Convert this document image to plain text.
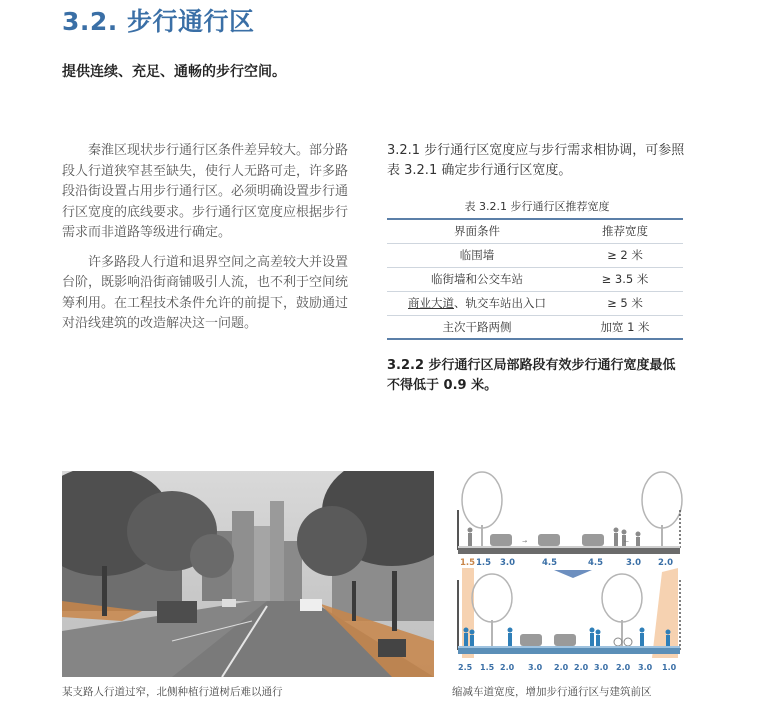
3.2. 步行通行区
提供连续、充足、通畅的步行空间。

秦淮区现状步行通行区条件差异较大。部分路段人行道狭窄甚至缺失，使行人无路可走，许多路段沿街设置占用步行通行区。必须明确设置步行通行区宽度的底线要求。步行通行区宽度应根据步行需求而非道路等级进行确定。

许多路段人行道和退界空间之高差较大并设置台阶，既影响沿街商铺吸引人流，也不利于空间统筹利用。在工程技术条件允许的前提下，鼓励通过对沿线建筑的改造解决这一问题。

3.2.1 步行通行区宽度应与步行需求相协调，可参照表 3.2.1 确定步行通行区宽度。
表 3.2.1 步行通行区推荐宽度
界面条件	推荐宽度
临围墙	≥ 2 米
临街墙和公交车站	≥ 3.5 米
商业大道、轨交车站出入口	≥ 5 米
主次干路两侧	加宽 1 米
3.2.2 步行通行区局部路段有效步行通行宽度最低不得低于 0.9 米。
某支路人行道过窄，北侧种植行道树后难以通行
→	←
1.5 1.5 3.0	4.5	4.5	3.0 2.0
2.5 1.5 2.0 3.0 2.0 2.0 3.0 2.0 3.0 1.0
缩减车道宽度，增加步行通行区与建筑前区
